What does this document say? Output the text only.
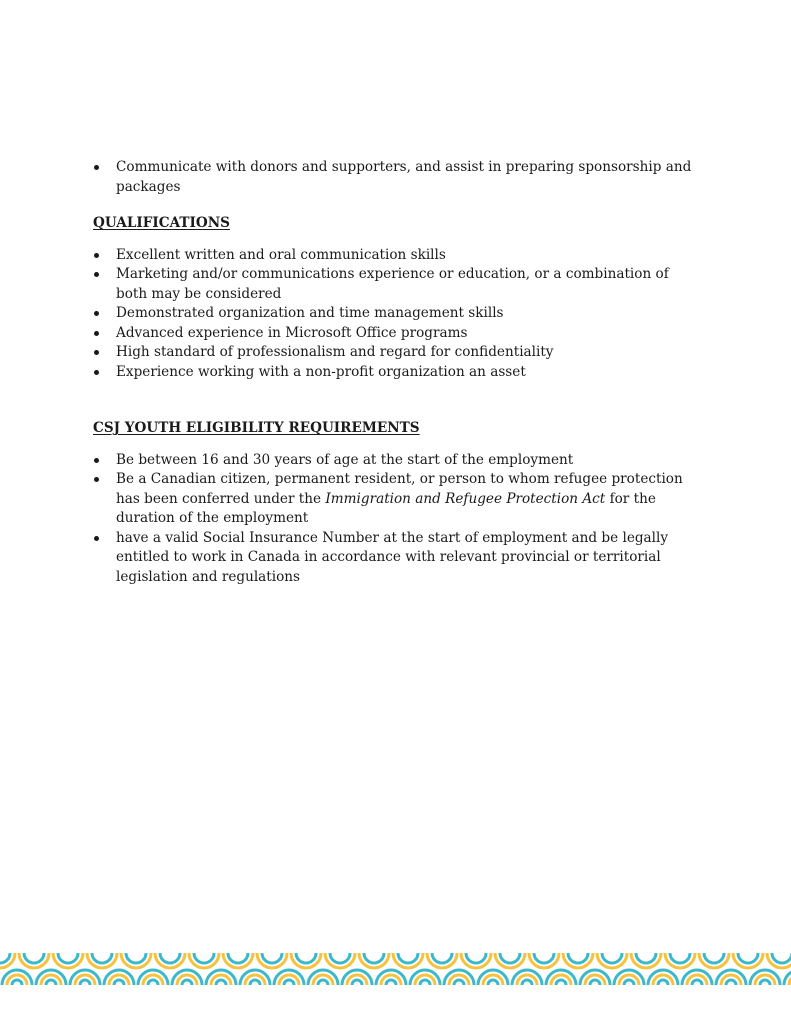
Communicate with donors and supporters, and assist in preparing sponsorship and packages
QUALIFICATIONS
Excellent written and oral communication skills
Marketing and/or communications experience or education, or a combination of both may be considered
Demonstrated organization and time management skills
Advanced experience in Microsoft Office programs
High standard of professionalism and regard for confidentiality
Experience working with a non-profit organization an asset
CSJ YOUTH ELIGIBILITY REQUIREMENTS
Be between 16 and 30 years of age at the start of the employment
Be a Canadian citizen, permanent resident, or person to whom refugee protection has been conferred under the Immigration and Refugee Protection Act for the duration of the employment
have a valid Social Insurance Number at the start of employment and be legally entitled to work in Canada in accordance with relevant provincial or territorial legislation and regulations
